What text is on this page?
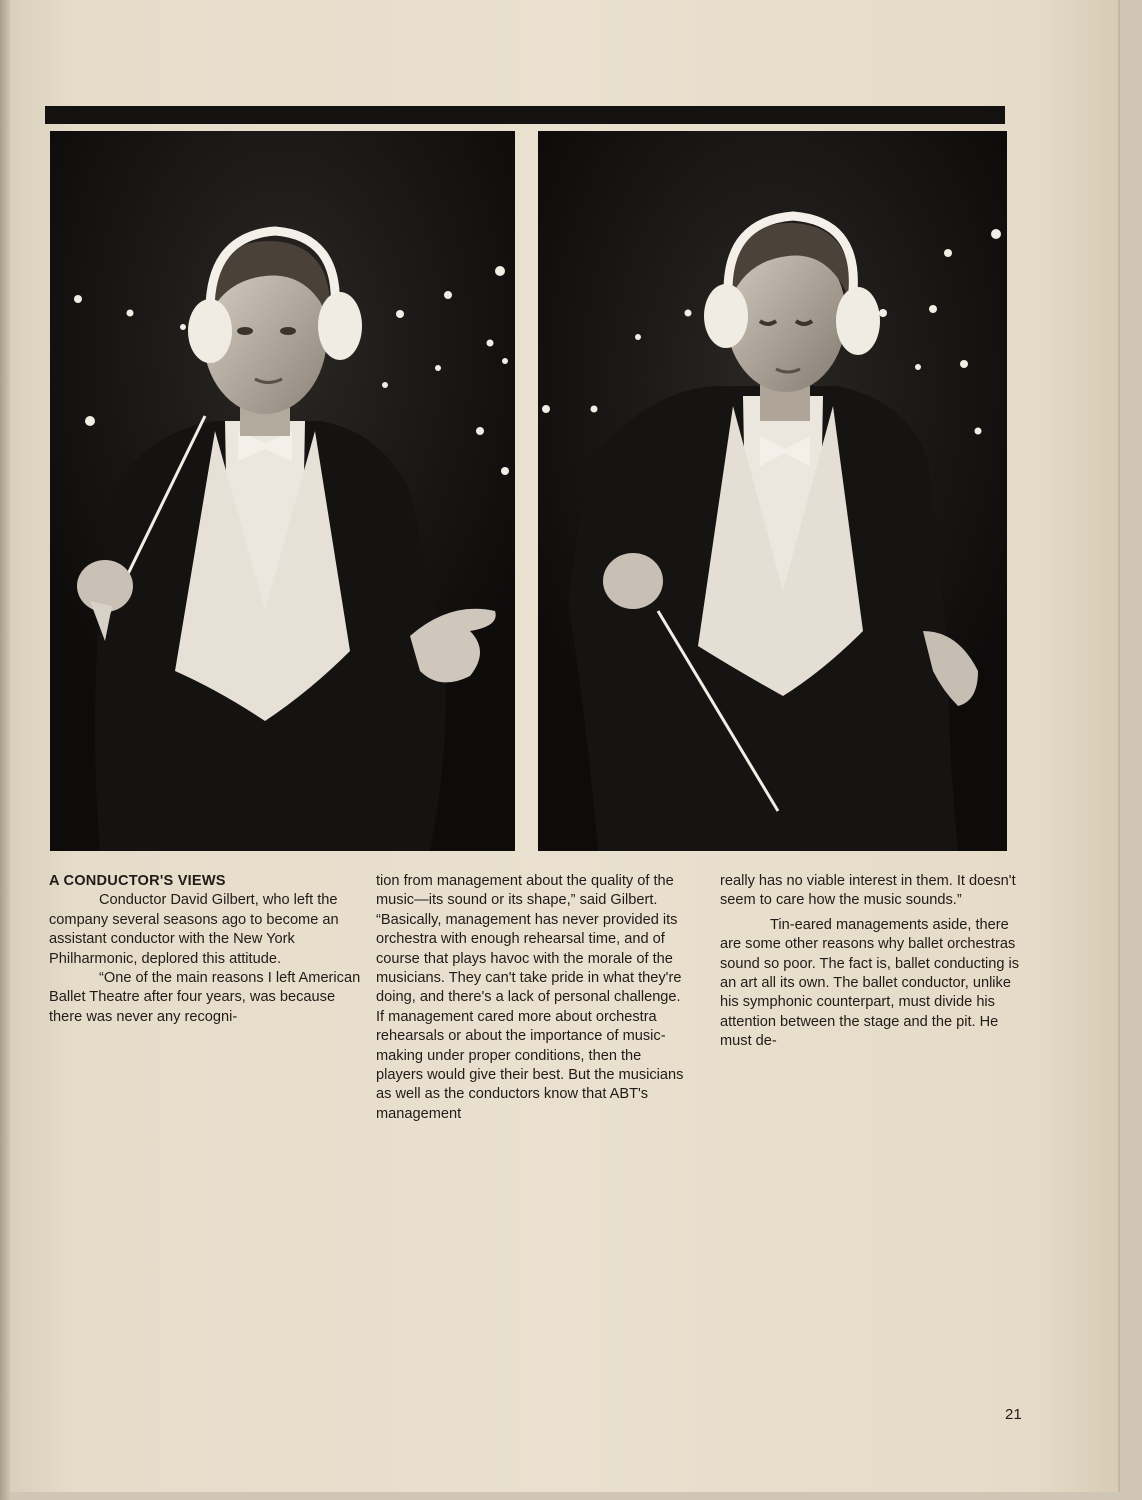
A CONDUCTOR'S VIEWS

Conductor David Gilbert, who left the company several seasons ago to become an assistant conductor with the New York Philharmonic, deplored this attitude.

“One of the main reasons I left American Ballet Theatre after four years, was because there was never any recogni-

tion from management about the quality of the music—its sound or its shape,” said Gilbert. “Basically, management has never provided its orchestra with enough rehearsal time, and of course that plays havoc with the morale of the musicians. They can't take pride in what they're doing, and there's a lack of personal challenge. If management cared more about orchestra rehearsals or about the importance of music-making under proper conditions, then the players would give their best. But the musicians as well as the conductors know that ABT's management

really has no viable interest in them. It doesn't seem to care how the music sounds.”

Tin-eared managements aside, there are some other reasons why ballet orchestras sound so poor. The fact is, ballet conducting is an art all its own. The ballet conductor, unlike his symphonic counterpart, must divide his attention between the stage and the pit. He must de-

21
